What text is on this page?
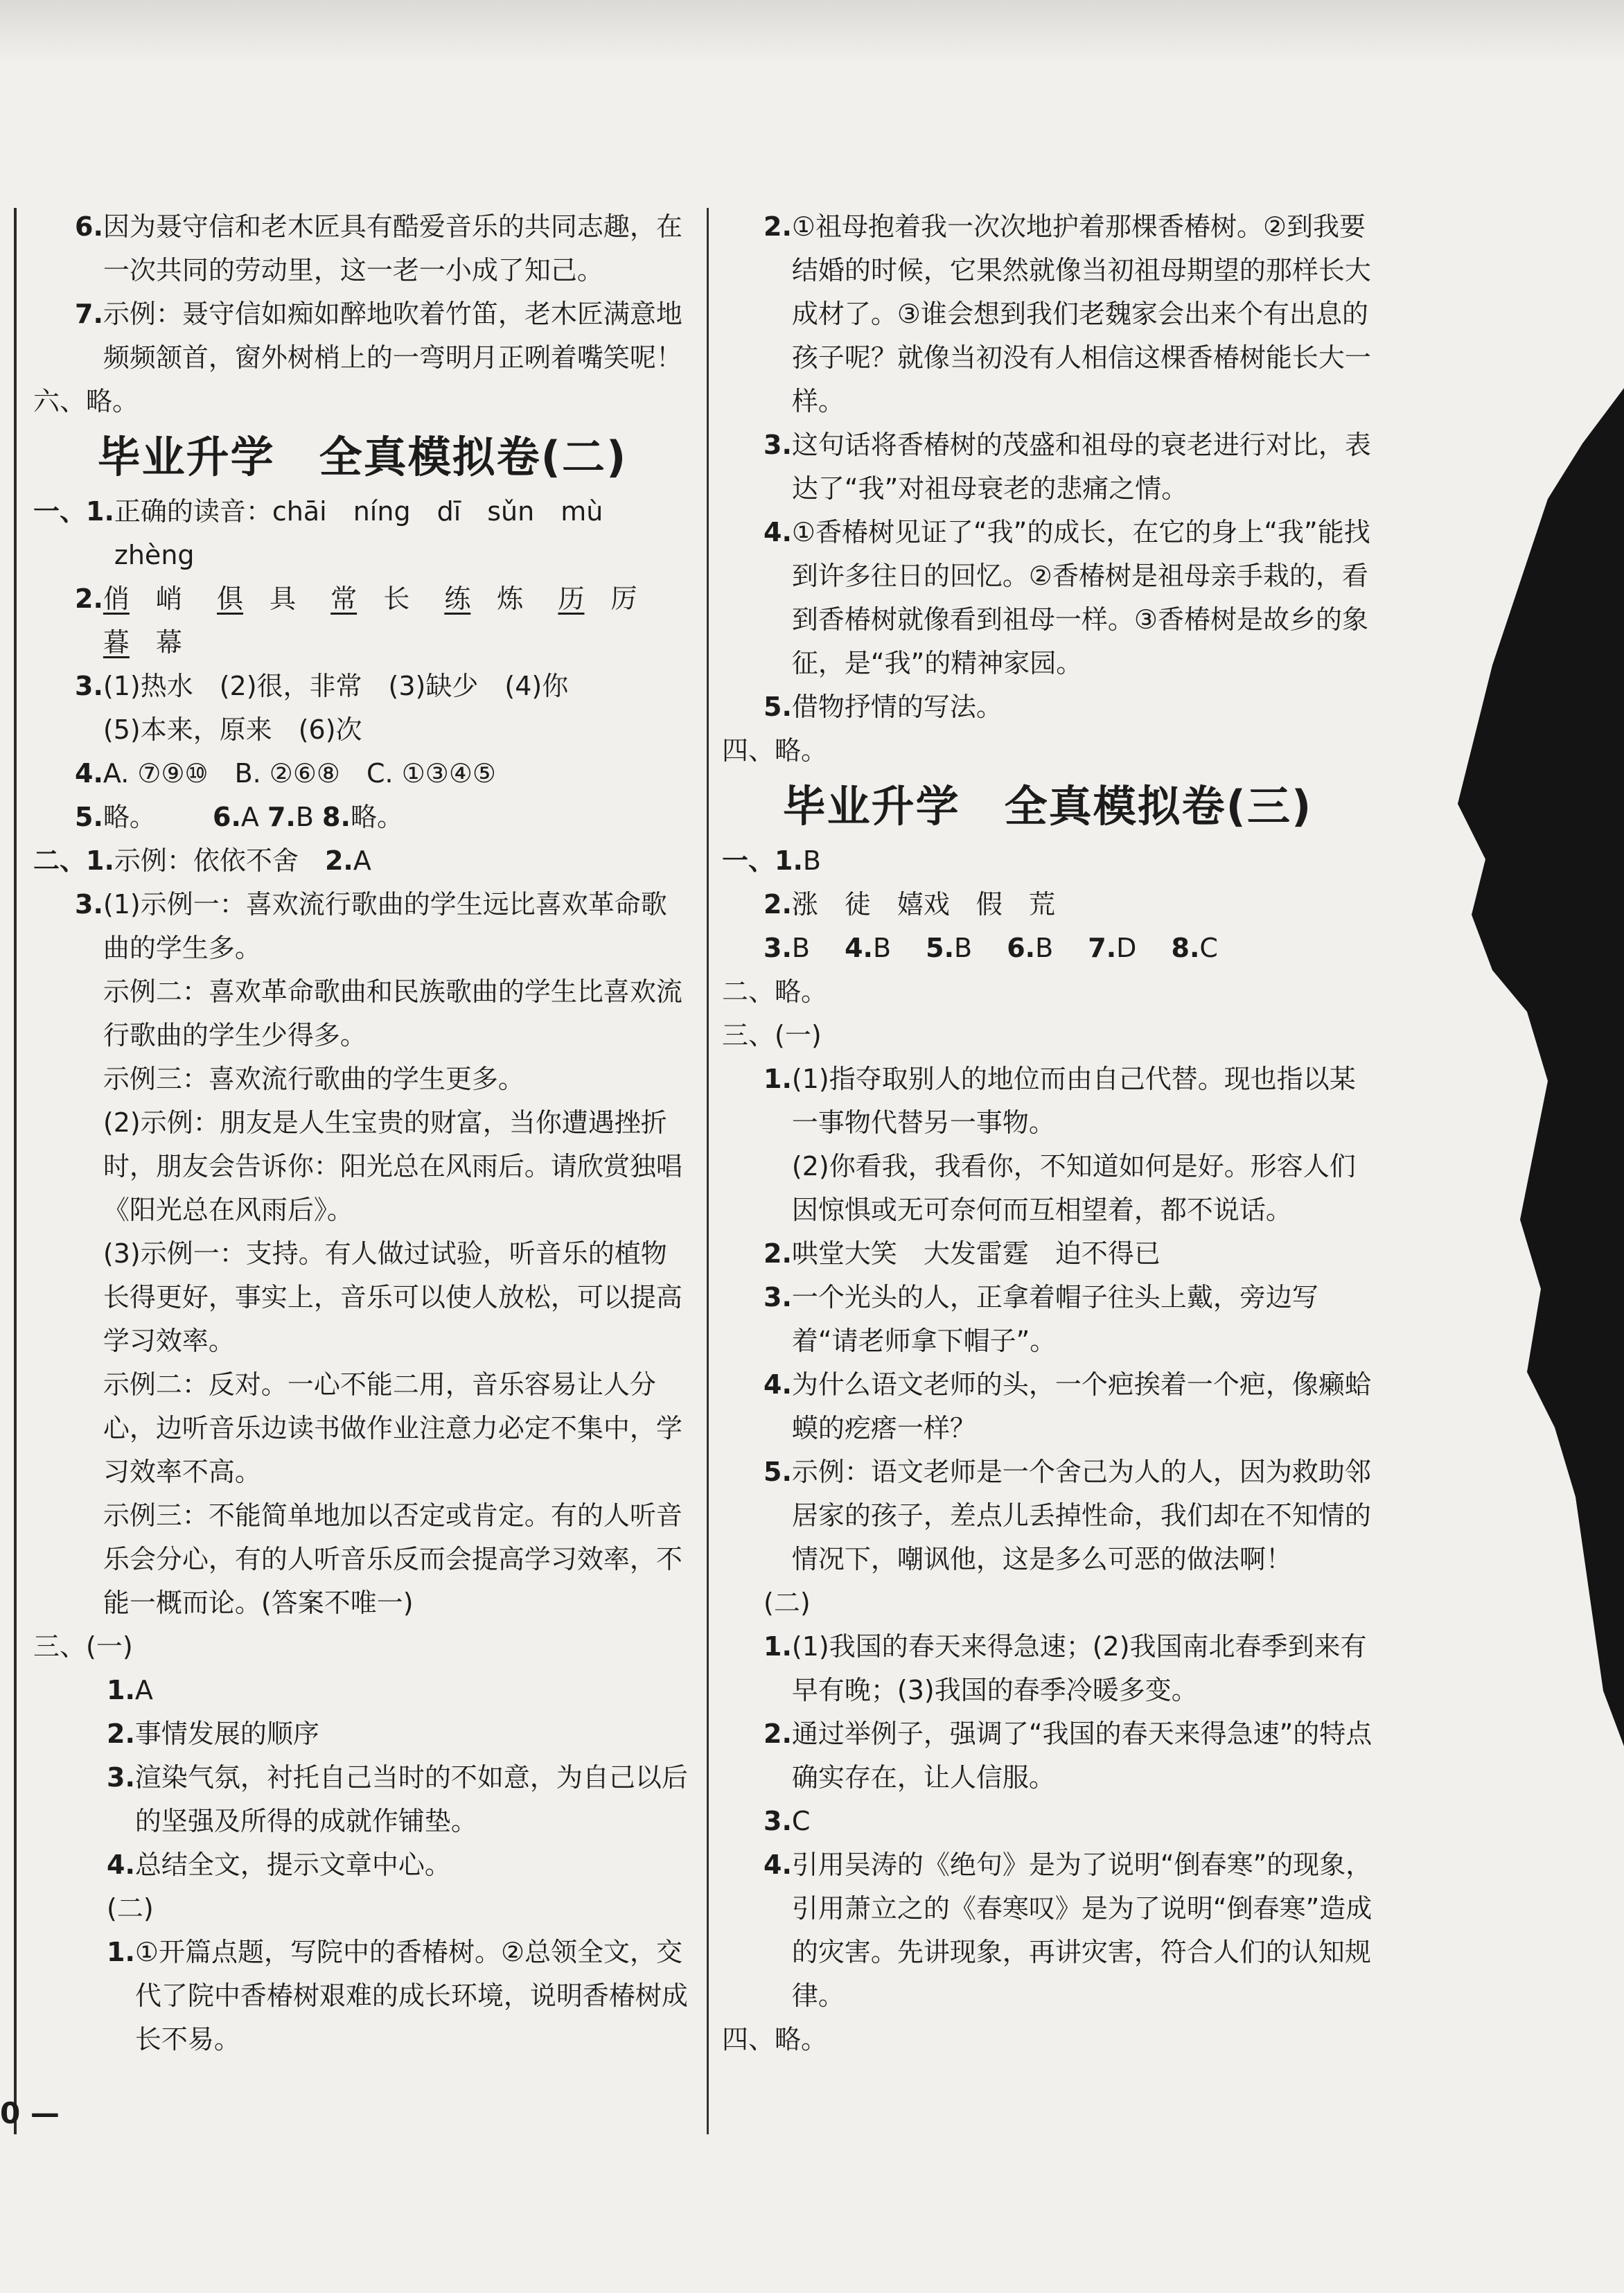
6. 因为聂守信和老木匠具有酷爱音乐的共同志趣，在一次共同的劳动里，这一老一小成了知己。
7. 示例：聂守信如痴如醉地吹着竹笛，老木匠满意地频频颔首，窗外树梢上的一弯明月正咧着嘴笑呢！
六、略。
毕业升学　全真模拟卷(二)
一、 1. 正确的读音：chāi　níng　dī　sǔn　mù　zhèng
2. 俏　 峭　 俱　 具　 常　 长　 练　 炼　 历　 厉
暮　 幕
3. (1)热水　(2)很，非常　(3)缺少　(4)你
(5)本来，原来　(6)次
4. A. ⑦⑨⑩　B. ②⑥⑧　C. ①③④⑤
5. 略。 6.A 7.B 8.略。
二、 1. 示例：依依不舍　 2.A
3. (1)示例一：喜欢流行歌曲的学生远比喜欢革命歌曲的学生多。
示例二：喜欢革命歌曲和民族歌曲的学生比喜欢流行歌曲的学生少得多。
示例三：喜欢流行歌曲的学生更多。
(2)示例：朋友是人生宝贵的财富，当你遭遇挫折时，朋友会告诉你：阳光总在风雨后。请欣赏独唱《阳光总在风雨后》。
(3)示例一：支持。有人做过试验，听音乐的植物长得更好，事实上，音乐可以使人放松，可以提高学习效率。
示例二：反对。一心不能二用，音乐容易让人分心，边听音乐边读书做作业注意力必定不集中，学习效率不高。
示例三：不能简单地加以否定或肯定。有的人听音乐会分心，有的人听音乐反而会提高学习效率，不能一概而论。(答案不唯一)
三、(一)
1. A
2. 事情发展的顺序
3. 渲染气氛，衬托自己当时的不如意，为自己以后的坚强及所得的成就作铺垫。
4. 总结全文，提示文章中心。
(二)
1. ①开篇点题，写院中的香椿树。②总领全文，交代了院中香椿树艰难的成长环境，说明香椿树成长不易。
2. ①祖母抱着我一次次地护着那棵香椿树。②到我要结婚的时候，它果然就像当初祖母期望的那样长大成材了。③谁会想到我们老魏家会出来个有出息的孩子呢？就像当初没有人相信这棵香椿树能长大一样。
3. 这句话将香椿树的茂盛和祖母的衰老进行对比，表达了“我”对祖母衰老的悲痛之情。
4. ①香椿树见证了“我”的成长，在它的身上“我”能找到许多往日的回忆。②香椿树是祖母亲手栽的，看到香椿树就像看到祖母一样。③香椿树是故乡的象征，是“我”的精神家园。
5. 借物抒情的写法。
四、略。
毕业升学　全真模拟卷(三)
一、 1. B
2. 涨　徒　嬉戏　假　荒
3.B　 4.B　 5.B　 6.B　 7.D　 8.C
二、略。
三、(一)
1. (1)指夺取别人的地位而由自己代替。现也指以某一事物代替另一事物。
(2)你看我，我看你，不知道如何是好。形容人们因惊惧或无可奈何而互相望着，都不说话。
2. 哄堂大笑　大发雷霆　迫不得已
3. 一个光头的人，正拿着帽子往头上戴，旁边写着“请老师拿下帽子”。
4. 为什么语文老师的头，一个疤挨着一个疤，像癞蛤蟆的疙瘩一样？
5. 示例：语文老师是一个舍己为人的人，因为救助邻居家的孩子，差点儿丢掉性命，我们却在不知情的情况下，嘲讽他，这是多么可恶的做法啊！
(二)
1. (1)我国的春天来得急速；(2)我国南北春季到来有早有晚；(3)我国的春季冷暖多变。
2. 通过举例子，强调了“我国的春天来得急速”的特点确实存在，让人信服。
3. C
4. 引用吴涛的《绝句》是为了说明“倒春寒”的现象，引用萧立之的《春寒叹》是为了说明“倒春寒”造成的灾害。先讲现象，再讲灾害，符合人们的认知规律。
四、略。
0 —
